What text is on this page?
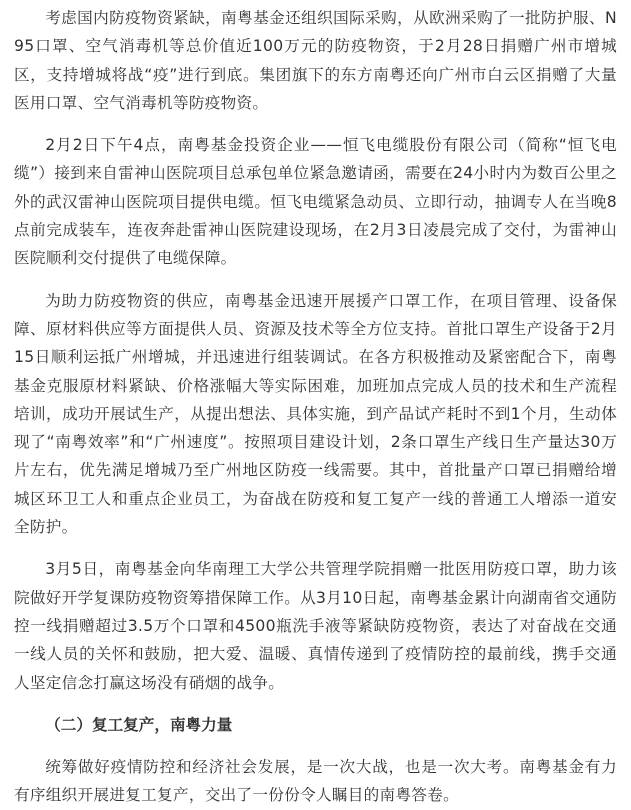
考虑国内防疫物资紧缺，南粤基金还组织国际采购，从欧洲采购了一批防护服、N95口罩、空气消毒机等总价值近100万元的防疫物资，于2月28日捐赠广州市增城区，支持增城将战“疫”进行到底。集团旗下的东方南粤还向广州市白云区捐赠了大量医用口罩、空气消毒机等防疫物资。

2月2日下午4点，南粤基金投资企业——恒飞电缆股份有限公司（简称“恒飞电缆”）接到来自雷神山医院项目总承包单位紧急邀请函，需要在24小时内为数百公里之外的武汉雷神山医院项目提供电缆。恒飞电缆紧急动员、立即行动，抽调专人在当晚8点前完成装车，连夜奔赴雷神山医院建设现场，在2月3日凌晨完成了交付，为雷神山医院顺利交付提供了电缆保障。

为助力防疫物资的供应，南粤基金迅速开展援产口罩工作，在项目管理、设备保障、原材料供应等方面提供人员、资源及技术等全方位支持。首批口罩生产设备于2月15日顺利运抵广州增城，并迅速进行组装调试。在各方积极推动及紧密配合下，南粤基金克服原材料紧缺、价格涨幅大等实际困难，加班加点完成人员的技术和生产流程培训，成功开展试生产，从提出想法、具体实施，到产品试产耗时不到1个月，生动体现了“南粤效率”和“广州速度”。按照项目建设计划，2条口罩生产线日生产量达30万片左右，优先满足增城乃至广州地区防疫一线需要。其中，首批量产口罩已捐赠给增城区环卫工人和重点企业员工，为奋战在防疫和复工复产一线的普通工人增添一道安全防护。

3月5日，南粤基金向华南理工大学公共管理学院捐赠一批医用防疫口罩，助力该院做好开学复课防疫物资筹措保障工作。从3月10日起，南粤基金累计向湖南省交通防控一线捐赠超过3.5万个口罩和4500瓶洗手液等紧缺防疫物资，表达了对奋战在交通一线人员的关怀和鼓励，把大爱、温暖、真情传递到了疫情防控的最前线，携手交通人坚定信念打赢这场没有硝烟的战争。

（二）复工复产，南粤力量

统筹做好疫情防控和经济社会发展，是一次大战，也是一次大考。南粤基金有力有序组织开展进复工复产，交出了一份份令人瞩目的南粤答卷。
